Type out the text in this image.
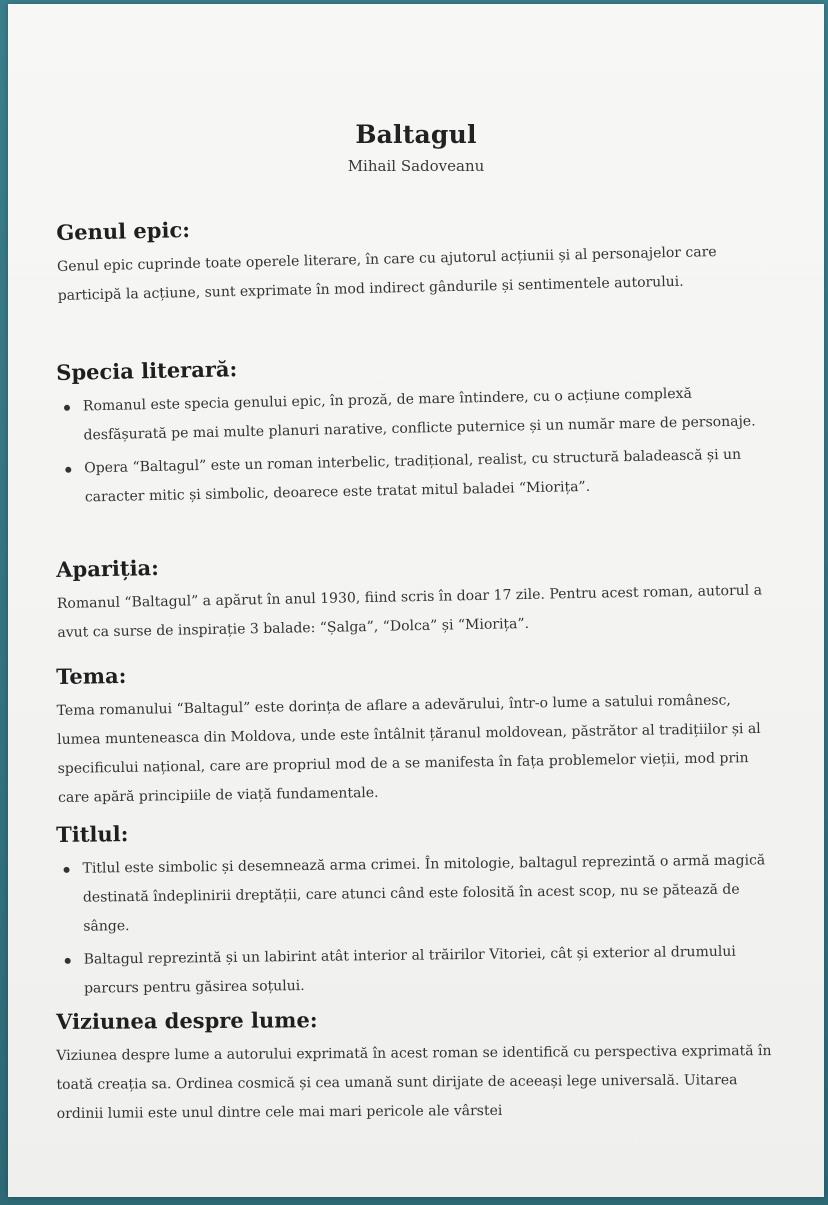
Baltagul
Mihail Sadoveanu
Genul epic:

Genul epic cuprinde toate operele literare, în care cu ajutorul acțiunii și al personajelor care participă la acțiune, sunt exprimate în mod indirect gândurile și sentimentele autorului.

Specia literară:
Romanul este specia genului epic, în proză, de mare întindere, cu o acțiune complexă desfășurată pe mai multe planuri narative, conflicte puternice și un număr mare de personaje.
Opera “Baltagul” este un roman interbelic, tradițional, realist, cu structură baladească și un caracter mitic și simbolic, deoarece este tratat mitul baladei “Miorița”.
Apariția:

Romanul “Baltagul” a apărut în anul 1930, fiind scris în doar 17 zile. Pentru acest roman, autorul a avut ca surse de inspirație 3 balade: “Șalga”, “Dolca” și “Miorița”.

Tema:

Tema romanului “Baltagul” este dorința de aflare a adevărului, într-o lume a satului românesc, lumea munteneasca din Moldova, unde este întâlnit țăranul moldovean, păstrător al tradițiilor și al specificului național, care are propriul mod de a se manifesta în fața problemelor vieții, mod prin care apără principiile de viață fundamentale.

Titlul:
Titlul este simbolic și desemnează arma crimei. În mitologie, baltagul reprezintă o armă magică destinată îndeplinirii dreptății, care atunci când este folosită în acest scop, nu se pătează de sânge.
Baltagul reprezintă și un labirint atât interior al trăirilor Vitoriei, cât și exterior al drumului parcurs pentru găsirea soțului.
Viziunea despre lume:

Viziunea despre lume a autorului exprimată în acest roman se identifică cu perspectiva exprimată în toată creația sa. Ordinea cosmică și cea umană sunt dirijate de aceeași lege universală. Uitarea ordinii lumii este unul dintre cele mai mari pericole ale vârstei
